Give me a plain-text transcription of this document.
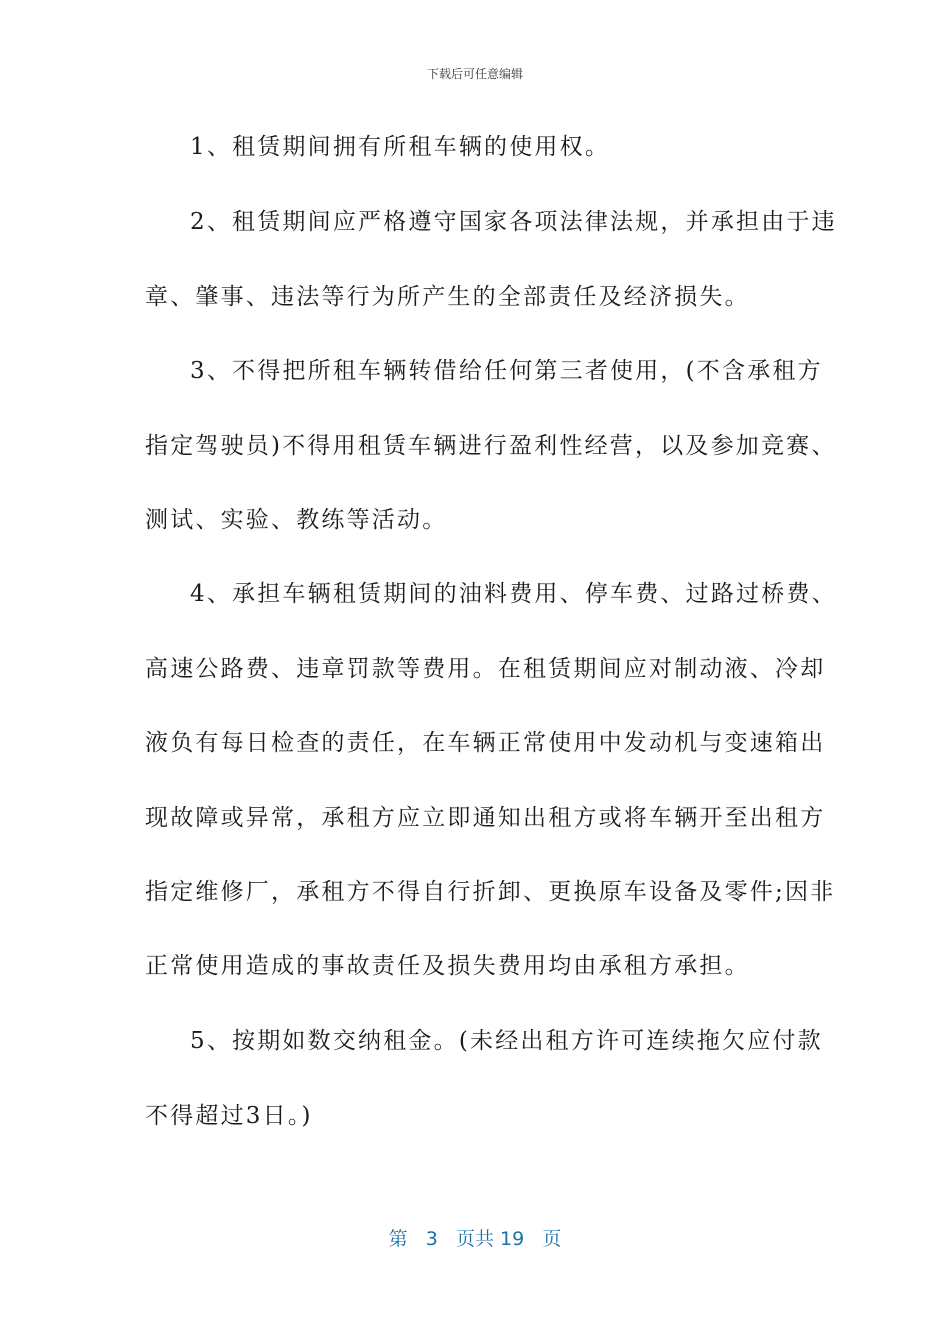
下载后可任意编辑
1、租赁期间拥有所租车辆的使用权。
2、租赁期间应严格遵守国家各项法律法规，并承担由于违
章、肇事、违法等行为所产生的全部责任及经济损失。
3、不得把所租车辆转借给任何第三者使用，(不含承租方
指定驾驶员)不得用租赁车辆进行盈利性经营，以及参加竞赛、
测试、实验、教练等活动。
4、承担车辆租赁期间的油料费用、停车费、过路过桥费、
高速公路费、违章罚款等费用。在租赁期间应对制动液、冷却
液负有每日检查的责任，在车辆正常使用中发动机与变速箱出
现故障或异常，承租方应立即通知出租方或将车辆开至出租方
指定维修厂，承租方不得自行折卸、更换原车设备及零件;因非
正常使用造成的事故责任及损失费用均由承租方承担。
5、按期如数交纳租金。(未经出租方许可连续拖欠应付款
不得超过3日。)
第 3 页共 19 页
